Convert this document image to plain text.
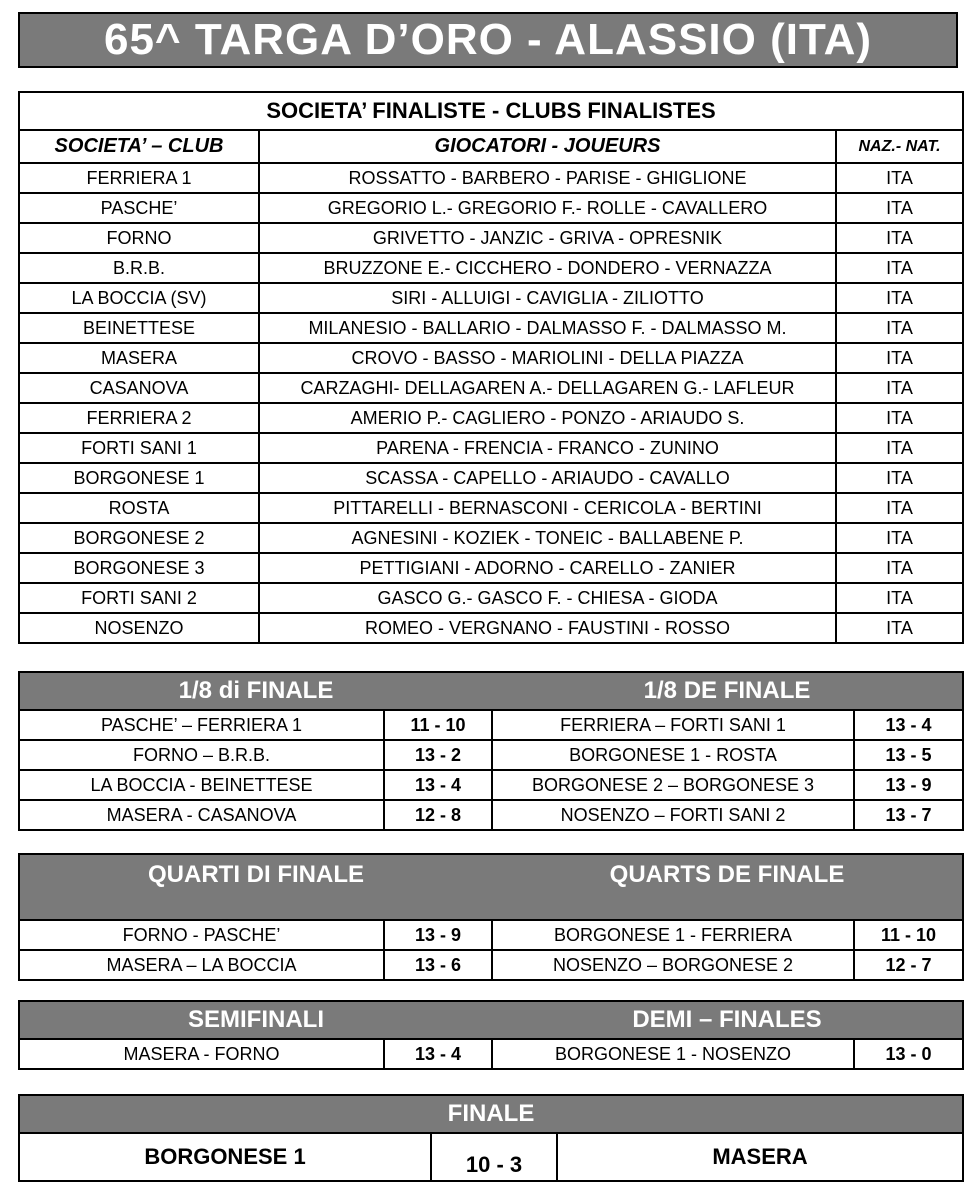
65^ TARGA D’ORO - ALASSIO (ITA)
SOCIETA’ FINALISTE - CLUBS FINALISTES		
SOCIETA’ – CLUB	GIOCATORI - JOUEURS	NAZ.- NAT.
FERRIERA 1	ROSSATTO - BARBERO - PARISE - GHIGLIONE	ITA
PASCHE’	GREGORIO L.- GREGORIO F.- ROLLE - CAVALLERO	ITA
FORNO	GRIVETTO - JANZIC - GRIVA - OPRESNIK	ITA
B.R.B.	BRUZZONE E.- CICCHERO - DONDERO - VERNAZZA	ITA
LA BOCCIA (SV)	SIRI - ALLUIGI - CAVIGLIA - ZILIOTTO	ITA
BEINETTESE	MILANESIO - BALLARIO - DALMASSO F. - DALMASSO M.	ITA
MASERA	CROVO - BASSO - MARIOLINI - DELLA PIAZZA	ITA
CASANOVA	CARZAGHI- DELLAGAREN A.- DELLAGAREN G.- LAFLEUR	ITA
FERRIERA 2	AMERIO P.- CAGLIERO - PONZO - ARIAUDO S.	ITA
FORTI SANI 1	PARENA - FRENCIA - FRANCO - ZUNINO	ITA
BORGONESE 1	SCASSA - CAPELLO - ARIAUDO - CAVALLO	ITA
ROSTA	PITTARELLI - BERNASCONI - CERICOLA - BERTINI	ITA
BORGONESE 2	AGNESINI - KOZIEK - TONEIC - BALLABENE P.	ITA
BORGONESE 3	PETTIGIANI - ADORNO - CARELLO - ZANIER	ITA
FORTI SANI 2	GASCO G.- GASCO F. - CHIESA - GIODA	ITA
NOSENZO	ROMEO - VERGNANO - FAUSTINI - ROSSO	ITA
1/8 di FINALE		1/8 DE FINALE	
PASCHE’ – FERRIERA 1	11 - 10	FERRIERA – FORTI SANI 1	13 - 4
FORNO – B.R.B.	13 - 2	BORGONESE 1 - ROSTA	13 - 5
LA BOCCIA - BEINETTESE	13 - 4	BORGONESE 2 – BORGONESE 3	13 - 9
MASERA - CASANOVA	12 - 8	NOSENZO – FORTI SANI 2	13 - 7
QUARTI DI FINALE		QUARTS DE FINALE	
FORNO - PASCHE’	13 - 9	BORGONESE 1 - FERRIERA	11 - 10
MASERA – LA BOCCIA	13 - 6	NOSENZO – BORGONESE 2	12 - 7
SEMIFINALI		DEMI – FINALES	
MASERA - FORNO	13 - 4	BORGONESE 1 - NOSENZO	13 - 0
FINALE
BORGONESE 1	10 - 3	MASERA
